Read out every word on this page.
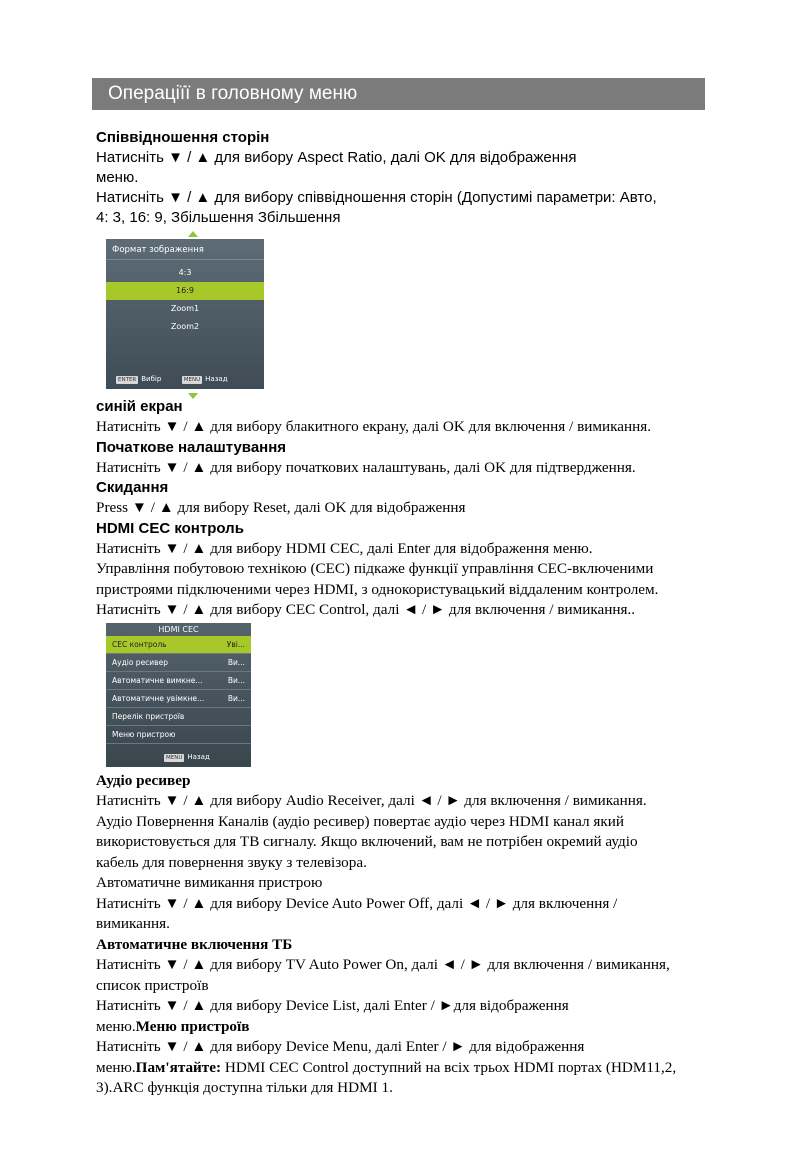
Операціїї в головному меню

Співвідношення сторін

Натисніть ▼ / ▲ для вибору Aspect Ratio, далі OK для відображення

меню.

Натисніть ▼ / ▲ для вибору співвідношення сторін (Допустимі параметри: Авто,

4: 3, 16: 9, Збільшення Збільшення

Формат зображення
4:3
16:9
Zoom1
Zoom2
ENTER Вибір	MENU Назад

синій екран

Натисніть ▼ / ▲ для вибору блакитного екрану, далі OK для включення / вимикання.

Початкове налаштування

Натисніть ▼ / ▲ для вибору початкових налаштувань, далі OK для підтвердження.

Скидання

Press ▼ / ▲ для вибору Reset, далі OK для відображення

HDMI CEC контроль

Натисніть ▼ / ▲ для вибору HDMI CEC, далі Enter для відображення меню.

Управління побутовою технікою (CEC) підкаже функції управління CEC-включеними

пристроями підключеними через HDMI, з однокористувацький віддаленим контролем.

Натисніть ▼ / ▲ для вибору CEC Control, далі ◄ / ► для включення / вимикання..

HDMI CEC
CEC контроль	Увi...
Аудіо ресивер	Ви...
Автоматичне вимкне...	Ви...
Автоматичне увімкне...	Ви...
Перелік пристроїв
Меню пристрою
MENU Назад

Аудіо ресивер

Натисніть ▼ / ▲ для вибору Audio Receiver, далі ◄ / ► для включення / вимикання.

Аудіо Повернення Каналів (аудіо ресивер) повертає аудіо через HDMI канал який

використовується для ТВ сигналу. Якщо включений, вам не потрібен окремий аудіо

кабель для повернення звуку з телевізора.

Автоматичне вимикання пристрою

Натисніть ▼ / ▲ для вибору Device Auto Power Off, далі ◄ / ► для включення /

вимикання.

Автоматичне включення ТБ

Натисніть ▼ / ▲ для вибору TV Auto Power On, далі ◄ / ► для включення / вимикання,

список пристроїв

Натисніть ▼ / ▲ для вибору Device List, далі Enter / ►для відображення

меню.Меню пристроїв

Натисніть ▼ / ▲ для вибору Device Menu, далі Enter / ► для відображення

меню.Пам'ятайте: HDMI CEC Control доступний на всіх трьох HDMI портах (HDM11,2,

3).ARC функція доступна тільки для HDMI 1.
